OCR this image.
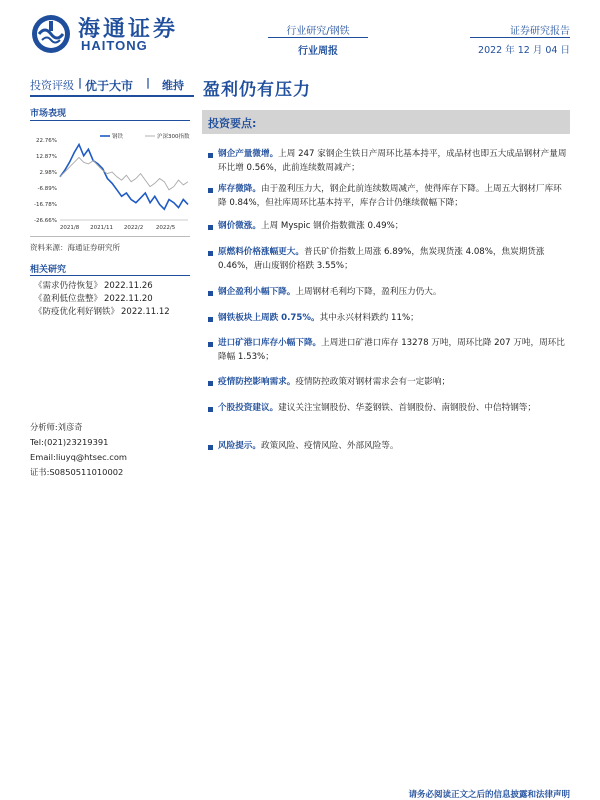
海通证券
HAITONG
行业研究/钢铁
行业周报
证券研究报告
2022 年 12 月 04 日
投资评级 | 优于大市 | 维持 盈利仍有压力
市场表现
22.76%
12.87%
2.98%
-6.89%
-16.78%
-26.66%
2021/8 2021/11 2022/2 2022/5
钢铁	沪深300指数
资料来源：海通证券研究所
相关研究
《需求仍待恢复》 2022.11.26
《盈利低位盘整》 2022.11.20
《防疫优化利好钢铁》 2022.11.12
分析师:刘彦奇
Tel:(021)23219391
Email:liuyq@htsec.com
证书:S0850511010002
投资要点:
钢企产量微增。上周 247 家钢企生铁日产周环比基本持平，成品材也即五大成品钢材产量周环比增 0.56%，此前连续数周减产；
库存微降。由于盈利压力大，钢企此前连续数周减产，使得库存下降。上周五大钢材厂库环降 0.84%，但社库周环比基本持平，库存合计仍继续微幅下降；
钢价微涨。上周 Myspic 钢价指数微涨 0.49%；
原燃料价格涨幅更大。普氏矿价指数上周涨 6.89%，焦炭现货涨 4.08%，焦炭期货涨 0.46%，唐山废钢价格跌 3.55%；
钢企盈利小幅下降。上周钢材毛利均下降，盈利压力仍大。
钢铁板块上周跌 0.75%。其中永兴材料跌约 11%；
进口矿港口库存小幅下降。上周进口矿港口库存 13278 万吨，周环比降 207 万吨，周环比降幅 1.53%；
疫情防控影响需求。疫情防控政策对钢材需求会有一定影响；
个股投资建议。建议关注宝钢股份、华菱钢铁、首钢股份、南钢股份、中信特钢等；
风险提示。政策风险、疫情风险、外部风险等。
请务必阅读正文之后的信息披露和法律声明
